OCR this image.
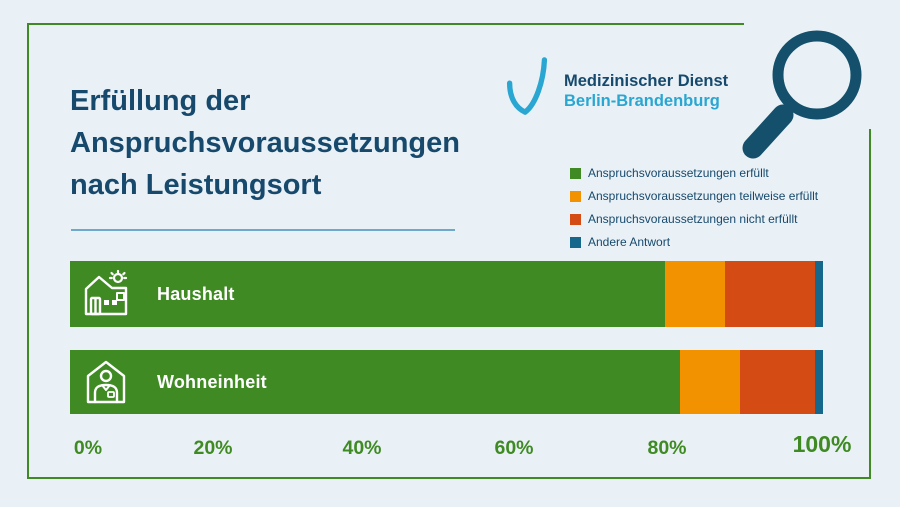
Erfüllung der
Anspruchsvoraussetzungen
nach Leistungsort
Medizinischer Dienst
Berlin-Brandenburg
Anspruchsvoraussetzungen erfüllt
Anspruchsvoraussetzungen teilweise erfüllt
Anspruchsvoraussetzungen nicht erfüllt
Andere Antwort
Haushalt
Wohneinheit
0%	20%	40%	60%	80%	100%
